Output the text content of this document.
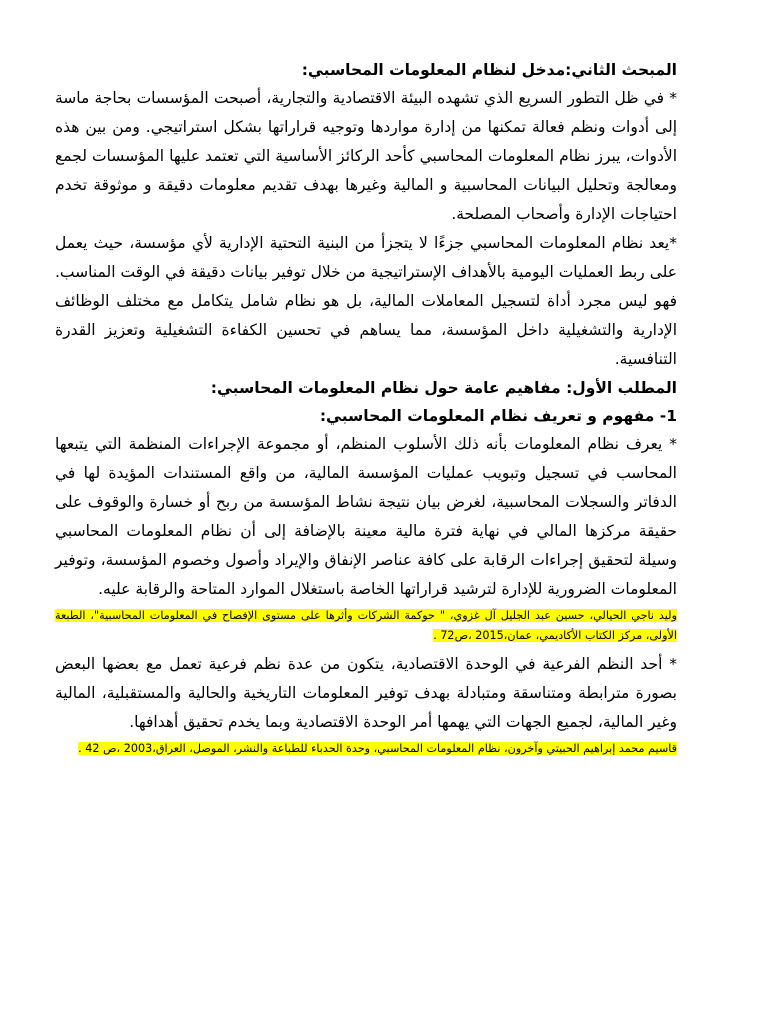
المبحث الثاني:مدخل لنظام المعلومات المحاسبي:

* في ظل التطور السريع الذي تشهده البيئة الاقتصادية والتجارية، أصبحت المؤسسات بحاجة ماسة إلى أدوات ونظم فعالة تمكنها من إدارة مواردها وتوجيه قراراتها بشكل استراتيجي. ومن بين هذه الأدوات، يبرز نظام المعلومات المحاسبي كأحد الركائز الأساسية التي تعتمد عليها المؤسسات لجمع ومعالجة وتحليل البيانات المحاسبية و المالية وغيرها بهدف تقديم معلومات دقيقة و موثوقة تخدم احتياجات الإدارة وأصحاب المصلحة.

*يعد نظام المعلومات المحاسبي جزءًا لا يتجزأ من البنية التحتية الإدارية لأي مؤسسة، حيث يعمل على ربط العمليات اليومية بالأهداف الإستراتيجية من خلال توفير بيانات دقيقة في الوقت المناسب. فهو ليس مجرد أداة لتسجيل المعاملات المالية، بل هو نظام شامل يتكامل مع مختلف الوظائف الإدارية والتشغيلية داخل المؤسسة، مما يساهم في تحسين الكفاءة التشغيلية وتعزيز القدرة التنافسية.

المطلب الأول: مفاهيم عامة حول نظام المعلومات المحاسبي:

1- مفهوم و تعريف نظام المعلومات المحاسبي:

* يعرف نظام المعلومات بأنه ذلك الأسلوب المنظم، أو مجموعة الإجراءات المنظمة التي يتبعها المحاسب في تسجيل وتبويب عمليات المؤسسة المالية، من واقع المستندات المؤيدة لها في الدفاتر والسجلات المحاسبية، لغرض بيان نتيجة نشاط المؤسسة من ربح أو خسارة والوقوف على حقيقة مركزها المالي في نهاية فترة مالية معينة بالإضافة إلى أن نظام المعلومات المحاسبي وسيلة لتحقيق إجراءات الرقابة على كافة عناصر الإنفاق والإيراد وأصول وخصوم المؤسسة، وتوفير المعلومات الضرورية للإدارة لترشيد قراراتها الخاصة باستغلال الموارد المتاحة والرقابة عليه.

وليد ناجي الحيالي، حسين عبد الجليل آل غزوي، " حوكمة الشركات وأثرها على مستوى الإفصاح في المعلومات المحاسبية"، الطبعة الأولى، مركز الكتاب الأكاديمي، عمان،2015 ،ص72 .

* أحد النظم الفرعية في الوحدة الاقتصادية، يتكون من عدة نظم فرعية تعمل مع بعضها البعض بصورة مترابطة ومتناسقة ومتبادلة بهدف توفير المعلومات التاريخية والحالية والمستقبلية، المالية وغير المالية، لجميع الجهات التي يهمها أمر الوحدة الاقتصادية وبما يخدم تحقيق أهدافها.

قاسيم محمد إبراهيم الحبيتي وآخرون، نظام المعلومات المحاسبي، وحدة الحدباء للطباعة والنشر، الموصل، العراق،2003 ،ص 42 .
